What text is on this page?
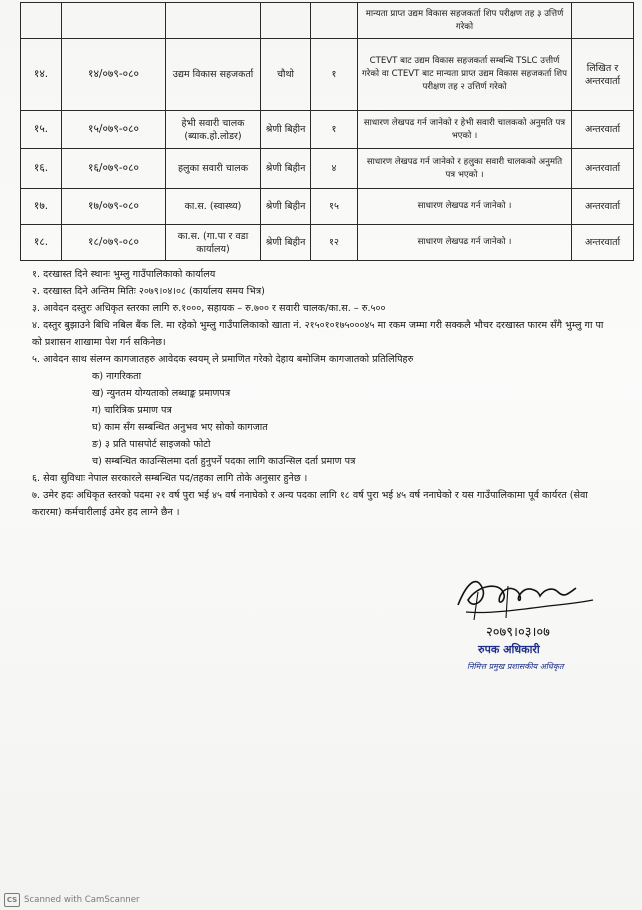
					मान्यता प्राप्त उद्यम विकास सहजकर्ता शिप परीक्षण तह ३ उत्तिर्ण गरेको	
१४.	१४/०७९-०८०	उद्यम विकास सहजकर्ता	चौथो	१	CTEVT बाट उद्यम विकास सहजकर्ता सम्बन्धि TSLC उत्तीर्ण गरेको वा CTEVT बाट मान्यता प्राप्त उद्यम विकास सहजकर्ता शिप परीक्षण तह २ उत्तिर्ण गरेको	लिखित र अन्तरवार्ता
१५.	१५/०७९-०८०	हेभी सवारी चालक (ब्याक.हो.लोडर)	श्रेणी बिहीन	१	साधारण लेखपढ गर्न जानेको र हेभी सवारी चालकको अनुमति पत्र भएको ।	अन्तरवार्ता
१६.	१६/०७९-०८०	हलुका सवारी चालक	श्रेणी बिहीन	४	साधारण लेखपढ गर्न जानेको र हलुका सवारी चालकको अनुमति पत्र भएको ।	अन्तरवार्ता
१७.	१७/०७९-०८०	का.स. (स्वास्थ्य)	श्रेणी बिहीन	१५	साधारण लेखपढ गर्न जानेको ।	अन्तरवार्ता
१८.	१८/०७९-०८०	का.स. (गा.पा र वडा कार्यालय)	श्रेणी बिहीन	१२	साधारण लेखपढ गर्न जानेको ।	अन्तरवार्ता
१. दरखास्त दिने स्थानः भुम्लु गाउँपालिकाको कार्यालय
२. दरखास्त दिने अन्तिम मितिः २०७९।०४।०८ (कार्यालय समय भित्र)
३. आवेदन दस्तुरः अधिकृत स्तरका लागि रु.१०००, सहायक – रु.७०० र सवारी चालक/का.स. – रु.५००
४. दस्तुर बुझाउने बिधि नबिल बैंक लि. मा रहेको भुम्लु गाउँपालिकाको खाता नं. २१५०१०१७५०००४५ मा रकम जम्मा गरी सक्कलै भौचर दरखास्त फारम सँगै भुम्लु गा पा को प्रशासन शाखामा पेश गर्न सकिनेछ।
५. आवेदन साथ संलग्न कागजातहरु आवेदक स्वयम् ले प्रमाणित गरेको देहाय बमोजिम कागजातको प्रतिलिपिहरु
क) नागरिकता
ख) न्युनतम योग्यताको लब्धाङ्क प्रमाणपत्र
ग) चारित्रिक प्रमाण पत्र
घ) काम सँग सम्बन्धित अनुभव भए सोको कागजात
ङ) ३ प्रति पासपोर्ट साइजको फोटो
च) सम्बन्धित काउन्सिलमा दर्ता हुनुपर्ने पदका लागि काउन्सिल दर्ता प्रमाण पत्र
६. सेवा सुविधाः नेपाल सरकारले सम्बन्धित पद/तहका लागि तोके अनुसार हुनेछ ।
७. उमेर हदः अधिकृत स्तरको पदमा २१ वर्ष पुरा भई ४५ वर्ष ननाघेको र अन्य पदका लागि १८ वर्ष पुरा भई ४५ वर्ष ननाघेको र यस गाउँपालिकामा पूर्व कार्यरत (सेवा करारमा) कर्मचारीलाई उमेर हद लाग्ने छैन ।
२०७९।०३।०७
रुपक अधिकारी
निमित्त प्रमुख प्रशासकीय अधिकृत
CS Scanned with CamScanner
